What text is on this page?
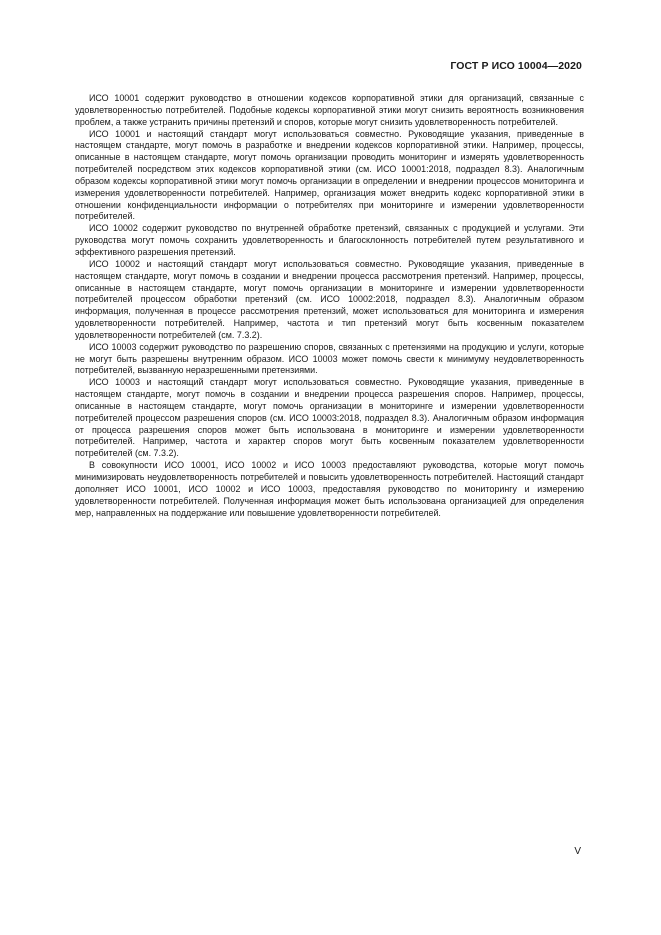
ГОСТ Р ИСО 10004—2020

ИСО 10001 содержит руководство в отношении кодексов корпоративной этики для организаций, связанные с удовлетворенностью потребителей. Подобные кодексы корпоративной этики могут снизить вероятность возникновения проблем, а также устранить причины претензий и споров, которые могут снизить удовлетворенность потребителей.

ИСО 10001 и настоящий стандарт могут использоваться совместно. Руководящие указания, приведенные в настоящем стандарте, могут помочь в разработке и внедрении кодексов корпоративной этики. Например, процессы, описанные в настоящем стандарте, могут помочь организации проводить мониторинг и измерять удовлетворенность потребителей посредством этих кодексов корпоративной этики (см. ИСО 10001:2018, подраздел 8.3). Аналогичным образом кодексы корпоративной этики могут помочь организации в определении и внедрении процессов мониторинга и измерения удовлетворенности потребителей. Например, организация может внедрить кодекс корпоративной этики в отношении конфиденциальности информации о потребителях при мониторинге и измерении удовлетворенности потребителей.

ИСО 10002 содержит руководство по внутренней обработке претензий, связанных с продукцией и услугами. Эти руководства могут помочь сохранить удовлетворенность и благосклонность потребителей путем результативного и эффективного разрешения претензий.

ИСО 10002 и настоящий стандарт могут использоваться совместно. Руководящие указания, приведенные в настоящем стандарте, могут помочь в создании и внедрении процесса рассмотрения претензий. Например, процессы, описанные в настоящем стандарте, могут помочь организации в мониторинге и измерении удовлетворенности потребителей процессом обработки претензий (см. ИСО 10002:2018, подраздел 8.3). Аналогичным образом информация, полученная в процессе рассмотрения претензий, может использоваться для мониторинга и измерения удовлетворенности потребителей. Например, частота и тип претензий могут быть косвенным показателем удовлетворенности потребителей (см. 7.3.2).

ИСО 10003 содержит руководство по разрешению споров, связанных с претензиями на продукцию и услуги, которые не могут быть разрешены внутренним образом. ИСО 10003 может помочь свести к минимуму неудовлетворенность потребителей, вызванную неразрешенными претензиями.

ИСО 10003 и настоящий стандарт могут использоваться совместно. Руководящие указания, приведенные в настоящем стандарте, могут помочь в создании и внедрении процесса разрешения споров. Например, процессы, описанные в настоящем стандарте, могут помочь организации в мониторинге и измерении удовлетворенности потребителей процессом разрешения споров (см. ИСО 10003:2018, подраздел 8.3). Аналогичным образом информация от процесса разрешения споров может быть использована в мониторинге и измерении удовлетворенности потребителей. Например, частота и характер споров могут быть косвенным показателем удовлетворенности потребителей (см. 7.3.2).

В совокупности ИСО 10001, ИСО 10002 и ИСО 10003 предоставляют руководства, которые могут помочь минимизировать неудовлетворенность потребителей и повысить удовлетворенность потребителей. Настоящий стандарт дополняет ИСО 10001, ИСО 10002 и ИСО 10003, предоставляя руководство по мониторингу и измерению удовлетворенности потребителей. Полученная информация может быть использована организацией для определения мер, направленных на поддержание или повышение удовлетворенности потребителей.

V
